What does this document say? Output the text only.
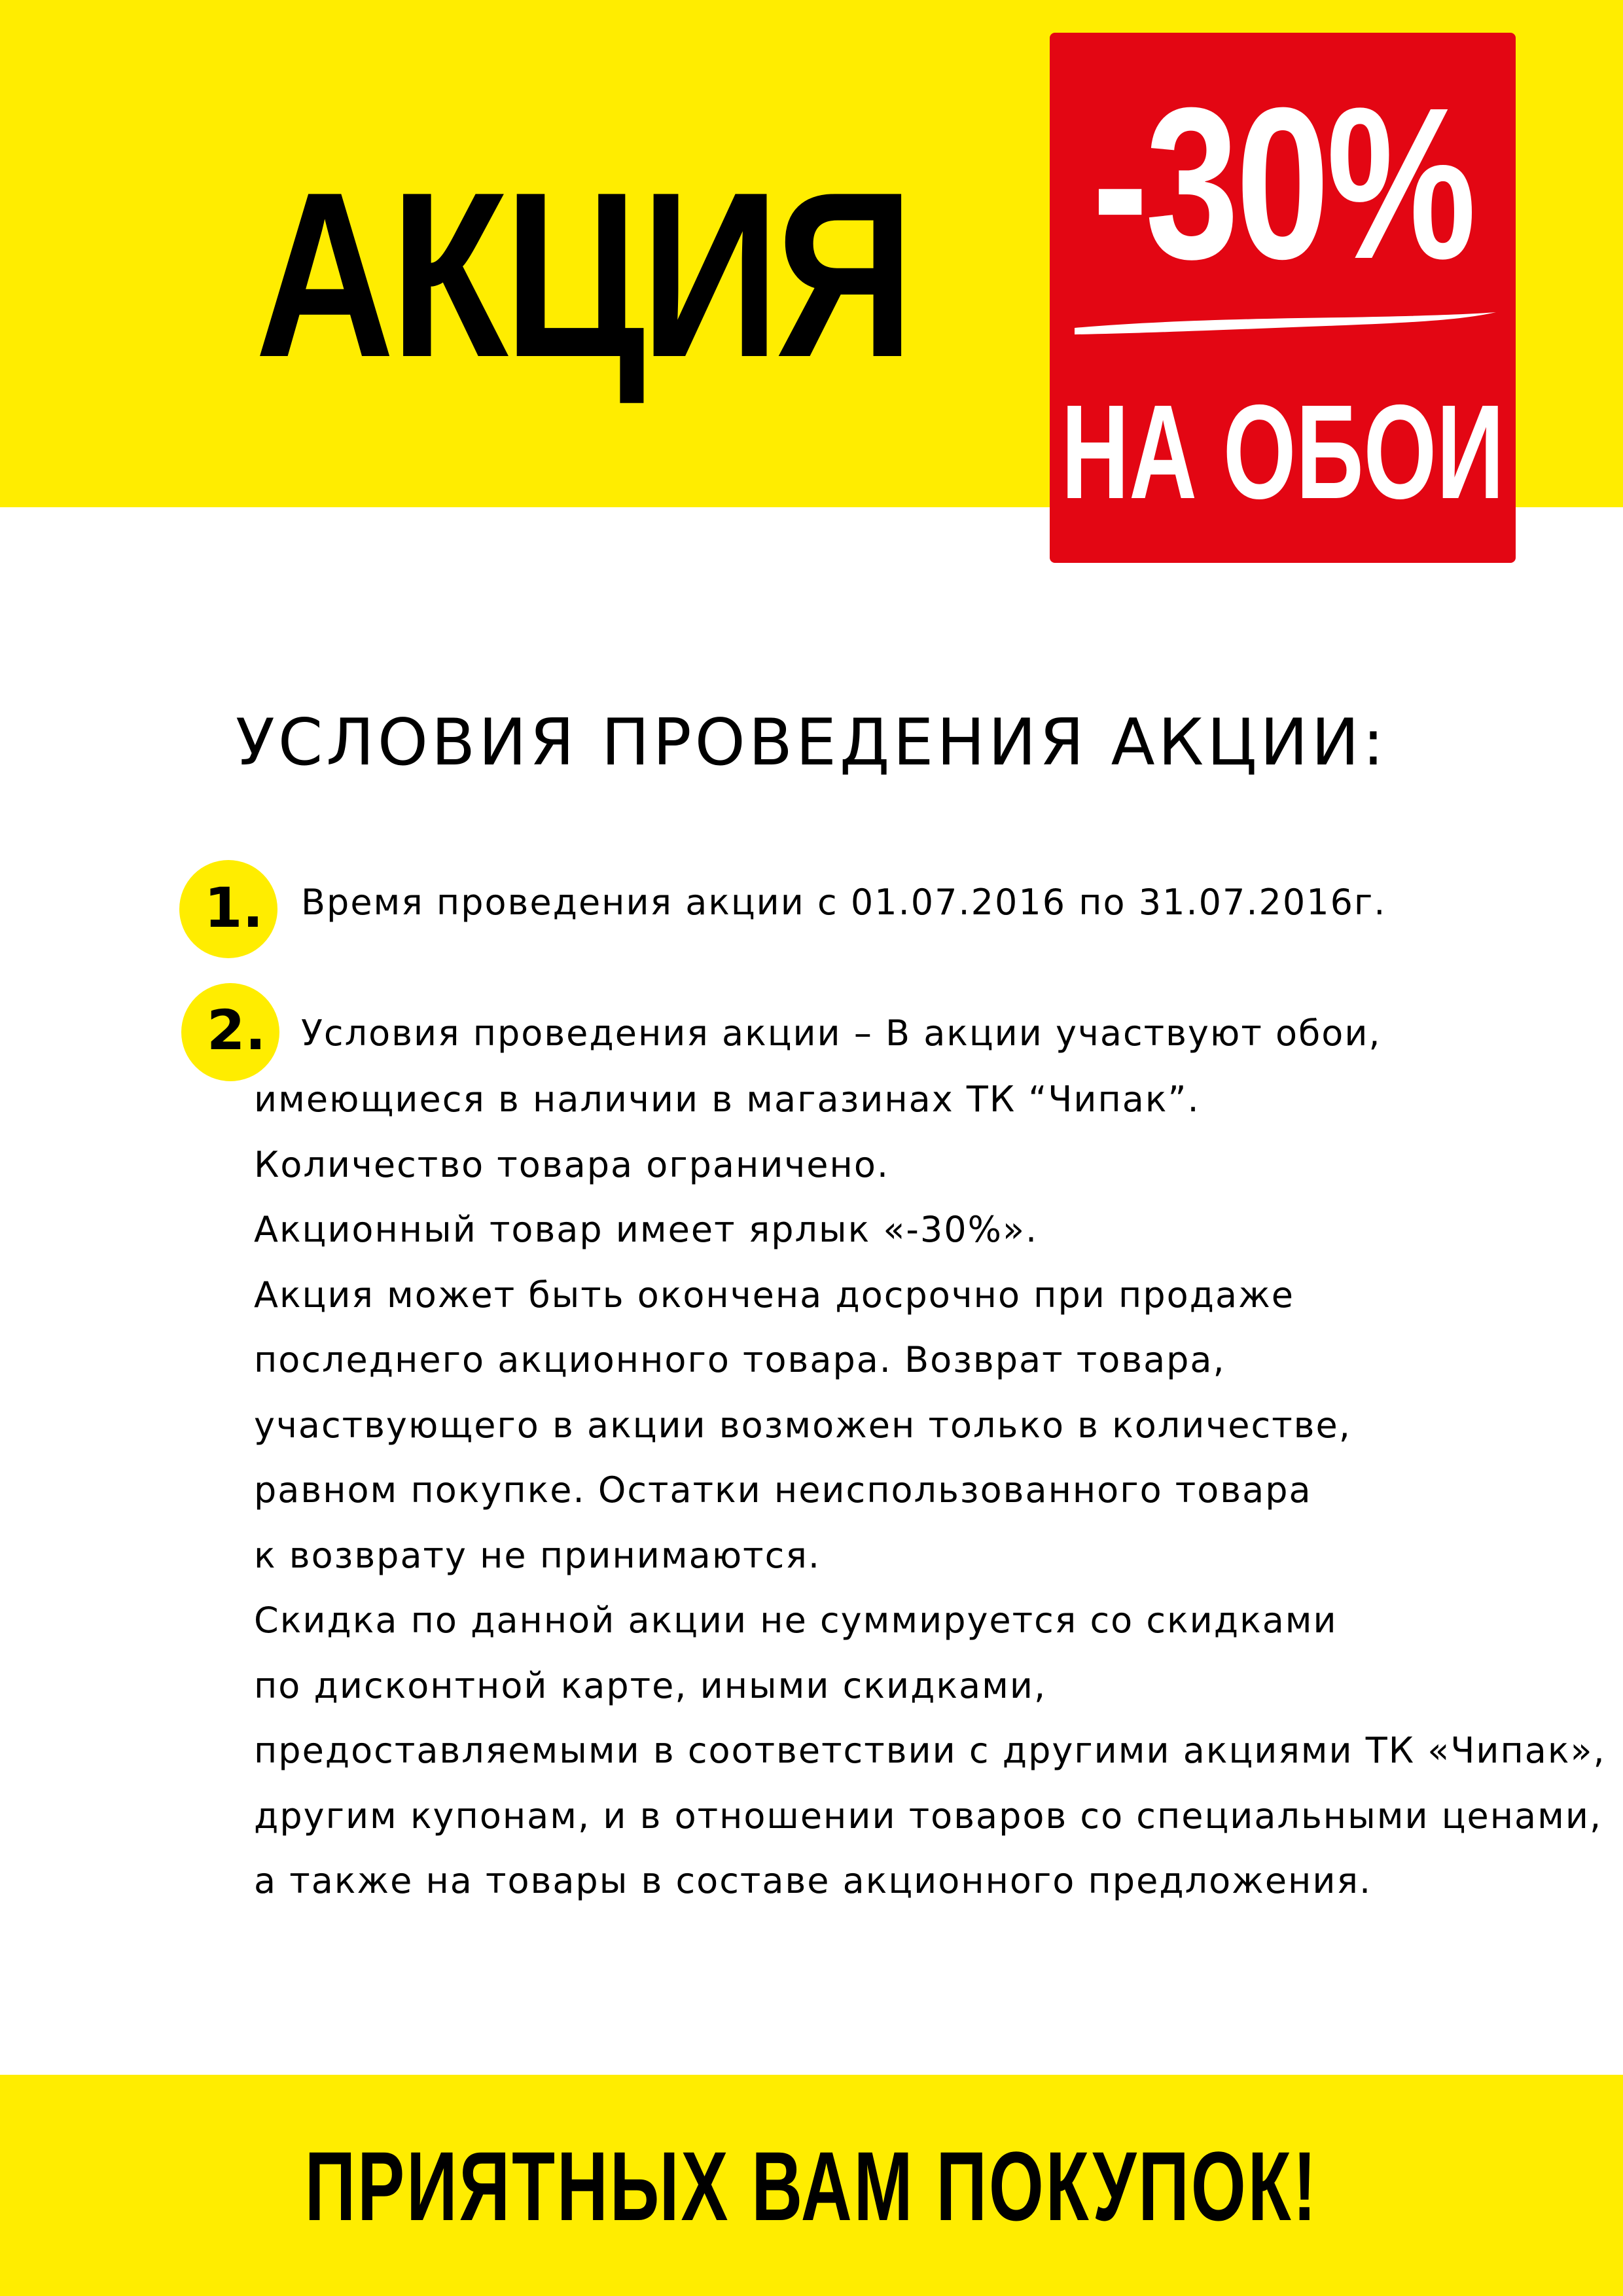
АКЦИЯ -30%
НА ОБОИ
УСЛОВИЯ ПРОВЕДЕНИЯ АКЦИИ:
1. Время проведения акции с 01.07.2016 по 31.07.2016г.
2. Условия проведения акции – В акции участвуют обои,
имеющиеся в наличии в магазинах ТК “Чипак”.
Количество товара ограничено.
Акционный товар имеет ярлык «-30%».
Акция может быть окончена досрочно при продаже
последнего акционного товара. Возврат товара,
участвующего в акции возможен только в количестве,
равном покупке. Остатки неиспользованного товара
к возврату не принимаются.
Скидка по данной акции не суммируется со скидками
по дисконтной карте, иными скидками,
предоставляемыми в соответствии с другими акциями ТК «Чипак»,
другим купонам, и в отношении товаров со специальными ценами,
а также на товары в составе акционного предложения.
ПРИЯТНЫХ ВАМ ПОКУПОК!
